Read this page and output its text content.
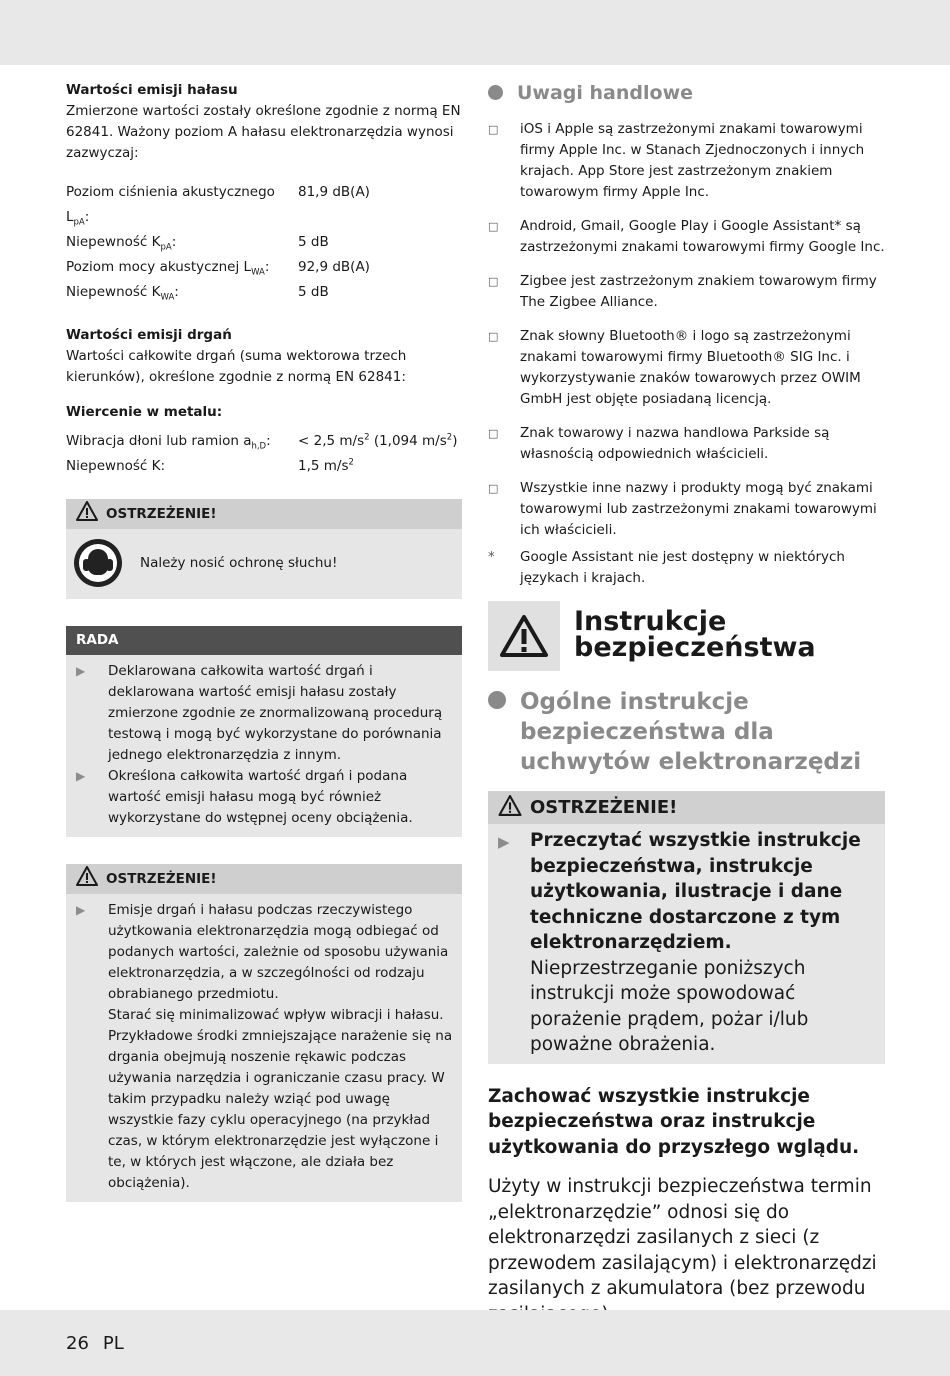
Wartości emisji hałasu

Zmierzone wartości zostały określone zgodnie z normą EN 62841. Ważony poziom A hałasu elektronarzędzia wynosi zazwyczaj:

Poziom ciśnienia akustycznego $L_{pA}$:
81,9 dB(A)
Niepewność $K_{pA}$:	5 dB
Poziom mocy akustycznej $L_{WA}$:	92,9 dB(A)
Niepewność $K_{WA}$:	5 dB

Wartości emisji drgań

Wartości całkowite drgań (suma wektorowa trzech kierunków), określone zgodnie z normą EN 62841:

Wiercenie w metalu:

Wibracja dłoni lub ramion $a_{h,D}$:	< 2,5 $m/s^2$ (1,094 $m/s^2$)
Niepewność K:	1,5 $m/s^2$
OSTRZEŻENIE!
Należy nosić ochronę słuchu!
RADA
▶	Deklarowana całkowita wartość drgań i deklarowana wartość emisji hałasu zostały zmierzone zgodnie ze znormalizowaną procedurą testową i mogą być wykorzystane do porównania jednego elektronarzędzia z innym.
▶	Określona całkowita wartość drgań i podana wartość emisji hałasu mogą być również wykorzystane do wstępnej oceny obciążenia.
OSTRZEŻENIE!
▶	Emisje drgań i hałasu podczas rzeczywistego użytkowania elektronarzędzia mogą odbiegać od podanych wartości, zależnie od sposobu używania elektronarzędzia, a w szczególności od rodzaju obrabianego przedmiotu.

Starać się minimalizować wpływ wibracji i hałasu. Przykładowe środki zmniejszające narażenie się na drgania obejmują noszenie rękawic podczas używania narzędzia i ograniczanie czasu pracy. W takim przypadku należy wziąć pod uwagę wszystkie fazy cyklu operacyjnego (na przykład czas, w którym elektronarzędzie jest wyłączone i te, w których jest włączone, ale działa bez obciążenia).

Uwagi handlowe
□	iOS i Apple są zastrzeżonymi znakami towarowymi firmy Apple Inc. w Stanach Zjednoczonych i innych krajach. App Store jest zastrzeżonym znakiem towarowym firmy Apple Inc.
□	Android, Gmail, Google Play i Google Assistant* są zastrzeżonymi znakami towarowymi firmy Google Inc.
□	Zigbee jest zastrzeżonym znakiem towarowym firmy The Zigbee Alliance.
□	Znak słowny Bluetooth® i logo są zastrzeżonymi znakami towarowymi firmy Bluetooth® SIG Inc. i wykorzystywanie znaków towarowych przez OWIM GmbH jest objęte posiadaną licencją.
□	Znak towarowy i nazwa handlowa Parkside są własnością odpowiednich właścicieli.
□	Wszystkie inne nazwy i produkty mogą być znakami towarowymi lub zastrzeżonymi znakami towarowymi ich właścicieli.
*	Google Assistant nie jest dostępny w niektórych językach i krajach.
Instrukcje
bezpieczeństwa
Ogólne instrukcje bezpieczeństwa dla uchwytów elektronarzędzi
OSTRZEŻENIE!
▶	Przeczytać wszystkie instrukcje bezpieczeństwa, instrukcje użytkowania, ilustracje i dane techniczne dostarczone z tym elektronarzędziem. Nieprzestrzeganie poniższych instrukcji może spowodować porażenie prądem, pożar i/lub poważne obrażenia.

Zachować wszystkie instrukcje bezpieczeństwa oraz instrukcje użytkowania do przyszłego wglądu.

Użyty w instrukcji bezpieczeństwa termin „elektronarzędzie” odnosi się do elektronarzędzi zasilanych z sieci (z przewodem zasilającym) i elektronarzędzi zasilanych z akumulatora (bez przewodu

26 PL
